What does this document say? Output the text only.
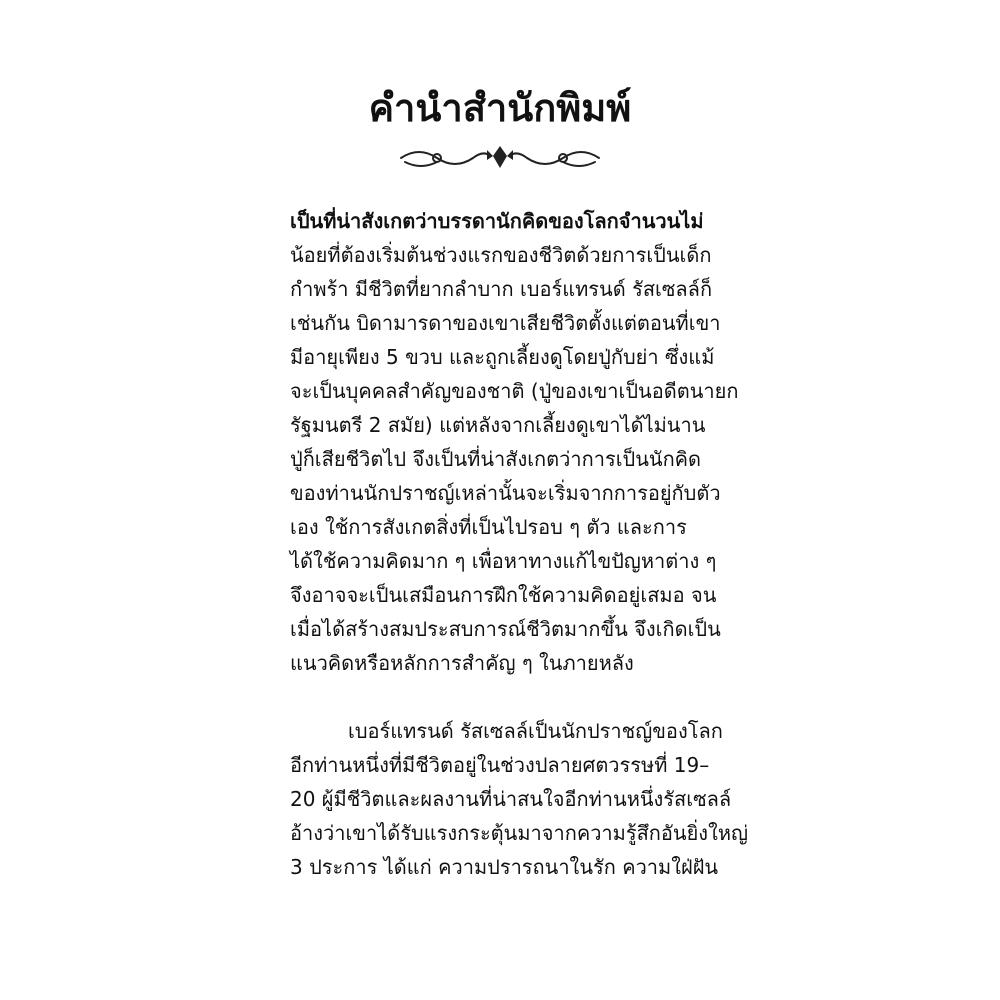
คำนำสำนักพิมพ์
เป็นที่น่าสังเกตว่าบรรดานักคิดของโลกจำนวนไม่
น้อยที่ต้องเริ่มต้นช่วงแรกของชีวิตด้วยการเป็นเด็ก
กำพร้า มีชีวิตที่ยากลำบาก เบอร์แทรนด์ รัสเซลล์ก็
เช่นกัน บิดามารดาของเขาเสียชีวิตตั้งแต่ตอนที่เขา
มีอายุเพียง 5 ขวบ และถูกเลี้ยงดูโดยปู่กับย่า ซึ่งแม้
จะเป็นบุคคลสำคัญของชาติ (ปู่ของเขาเป็นอดีตนายก
รัฐมนตรี 2 สมัย) แต่หลังจากเลี้ยงดูเขาได้ไม่นาน
ปู่ก็เสียชีวิตไป จึงเป็นที่น่าสังเกตว่าการเป็นนักคิด
ของท่านนักปราชญ์เหล่านั้นจะเริ่มจากการอยู่กับตัว
เอง ใช้การสังเกตสิ่งที่เป็นไปรอบ ๆ ตัว และการ
ได้ใช้ความคิดมาก ๆ เพื่อหาทางแก้ไขปัญหาต่าง ๆ
จึงอาจจะเป็นเสมือนการฝึกใช้ความคิดอยู่เสมอ จน
เมื่อได้สร้างสมประสบการณ์ชีวิตมากขึ้น จึงเกิดเป็น
แนวคิดหรือหลักการสำคัญ ๆ ในภายหลัง
เบอร์แทรนด์ รัสเซลล์เป็นนักปราชญ์ของโลก
อีกท่านหนึ่งที่มีชีวิตอยู่ในช่วงปลายศตวรรษที่ 19–
20 ผู้มีชีวิตและผลงานที่น่าสนใจอีกท่านหนึ่งรัสเซลล์
อ้างว่าเขาได้รับแรงกระตุ้นมาจากความรู้สึกอันยิ่งใหญ่
3 ประการ ได้แก่ ความปรารถนาในรัก ความใฝ่ฝัน
